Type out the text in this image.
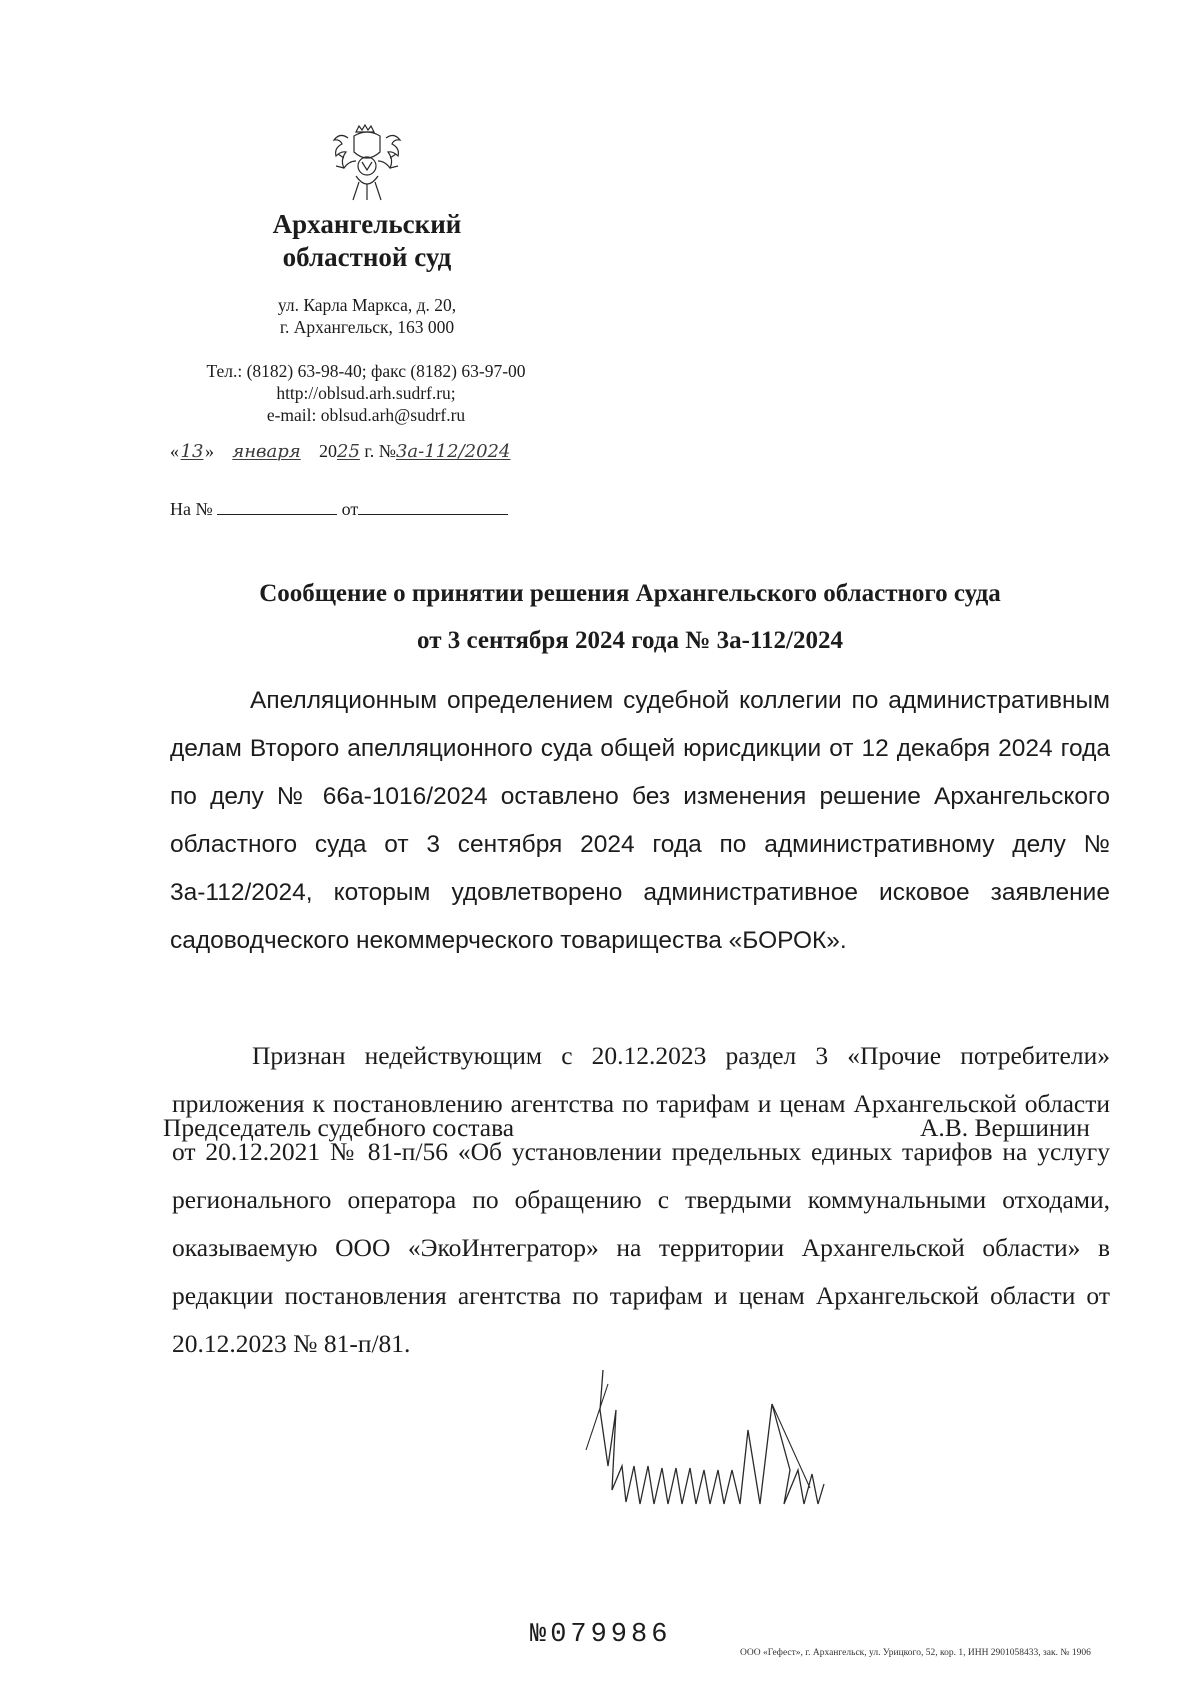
Архангельский
областной суд
ул. Карла Маркса, д. 20,
г. Архангельск, 163 000
Тел.: (8182) 63-98-40; факс (8182) 63-97-00
http://oblsud.arh.sudrf.ru;
e-mail: oblsud.arh@sudrf.ru
«13» января 2025 г. №3а-112/2024
На №	от
Сообщение о принятии решения Архангельского областного суда
от 3 сентября 2024 года № 3а-112/2024
Апелляционным определением судебной коллегии по административным делам Второго апелляционного суда общей юрисдикции от 12 декабря 2024 года по делу № 66а-1016/2024 оставлено без изменения решение Архангельского областного суда от 3 сентября 2024 года по административному делу № 3а-112/2024, которым удовлетворено административное исковое заявление садоводческого некоммерческого товарищества «БОРОК».
Признан недействующим с 20.12.2023 раздел 3 «Прочие потребители» приложения к постановлению агентства по тарифам и ценам Архангельской области от 20.12.2021 № 81-п/56 «Об установлении предельных единых тарифов на услугу регионального оператора по обращению с твердыми коммунальными отходами, оказываемую ООО «ЭкоИнтегратор» на территории Архангельской области» в редакции постановления агентства по тарифам и ценам Архангельской области от 20.12.2023 № 81-п/81.
Председатель судебного состава	А.В. Вершинин
№079986
ООО «Гефест», г. Архангельск, ул. Урицкого, 52, кор. 1, ИНН 2901058433, зак. № 1906
